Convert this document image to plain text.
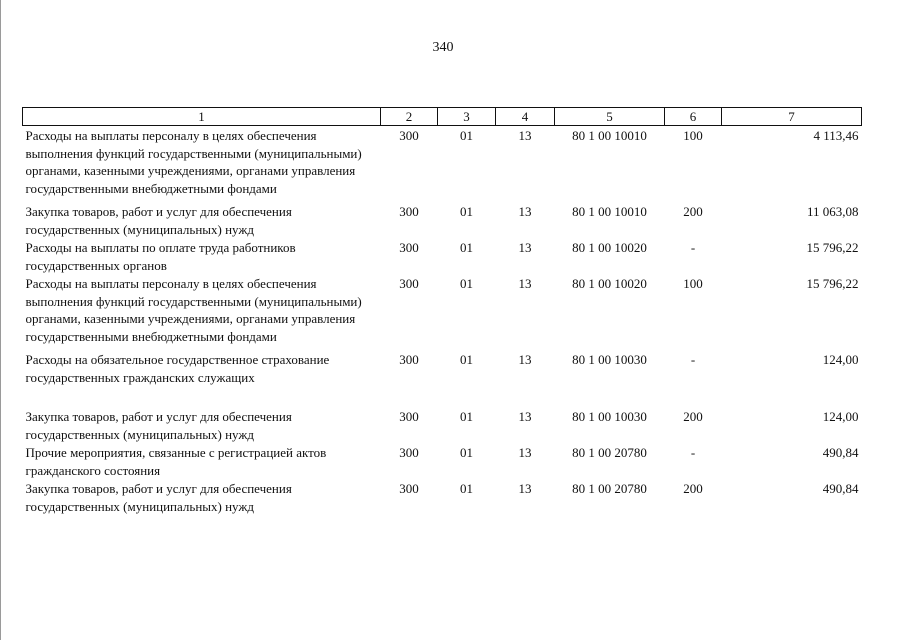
340
1	2	3	4	5	6	7
Расходы на выплаты персоналу в целях обеспечения выполнения функций государственными (муниципальными) органами, казенными учреждениями, органами управления государственными внебюджетными фондами	300	01	13	80 1 00 10010	100	4 113,46
Закупка товаров, работ и услуг для обеспечения государственных (муниципальных) нужд	300	01	13	80 1 00 10010	200	11 063,08
Расходы на выплаты по оплате труда работников государственных органов	300	01	13	80 1 00 10020	-	15 796,22
Расходы на выплаты персоналу в целях обеспечения выполнения функций государственными (муниципальными) органами, казенными учреждениями, органами управления государственными внебюджетными фондами	300	01	13	80 1 00 10020	100	15 796,22
Расходы на обязательное государственное страхование государственных гражданских служащих	300	01	13	80 1 00 10030	-	124,00
Закупка товаров, работ и услуг для обеспечения государственных (муниципальных) нужд	300	01	13	80 1 00 10030	200	124,00
Прочие мероприятия, связанные с регистрацией актов гражданского состояния	300	01	13	80 1 00 20780	-	490,84
Закупка товаров, работ и услуг для обеспечения государственных (муниципальных) нужд	300	01	13	80 1 00 20780	200	490,84
